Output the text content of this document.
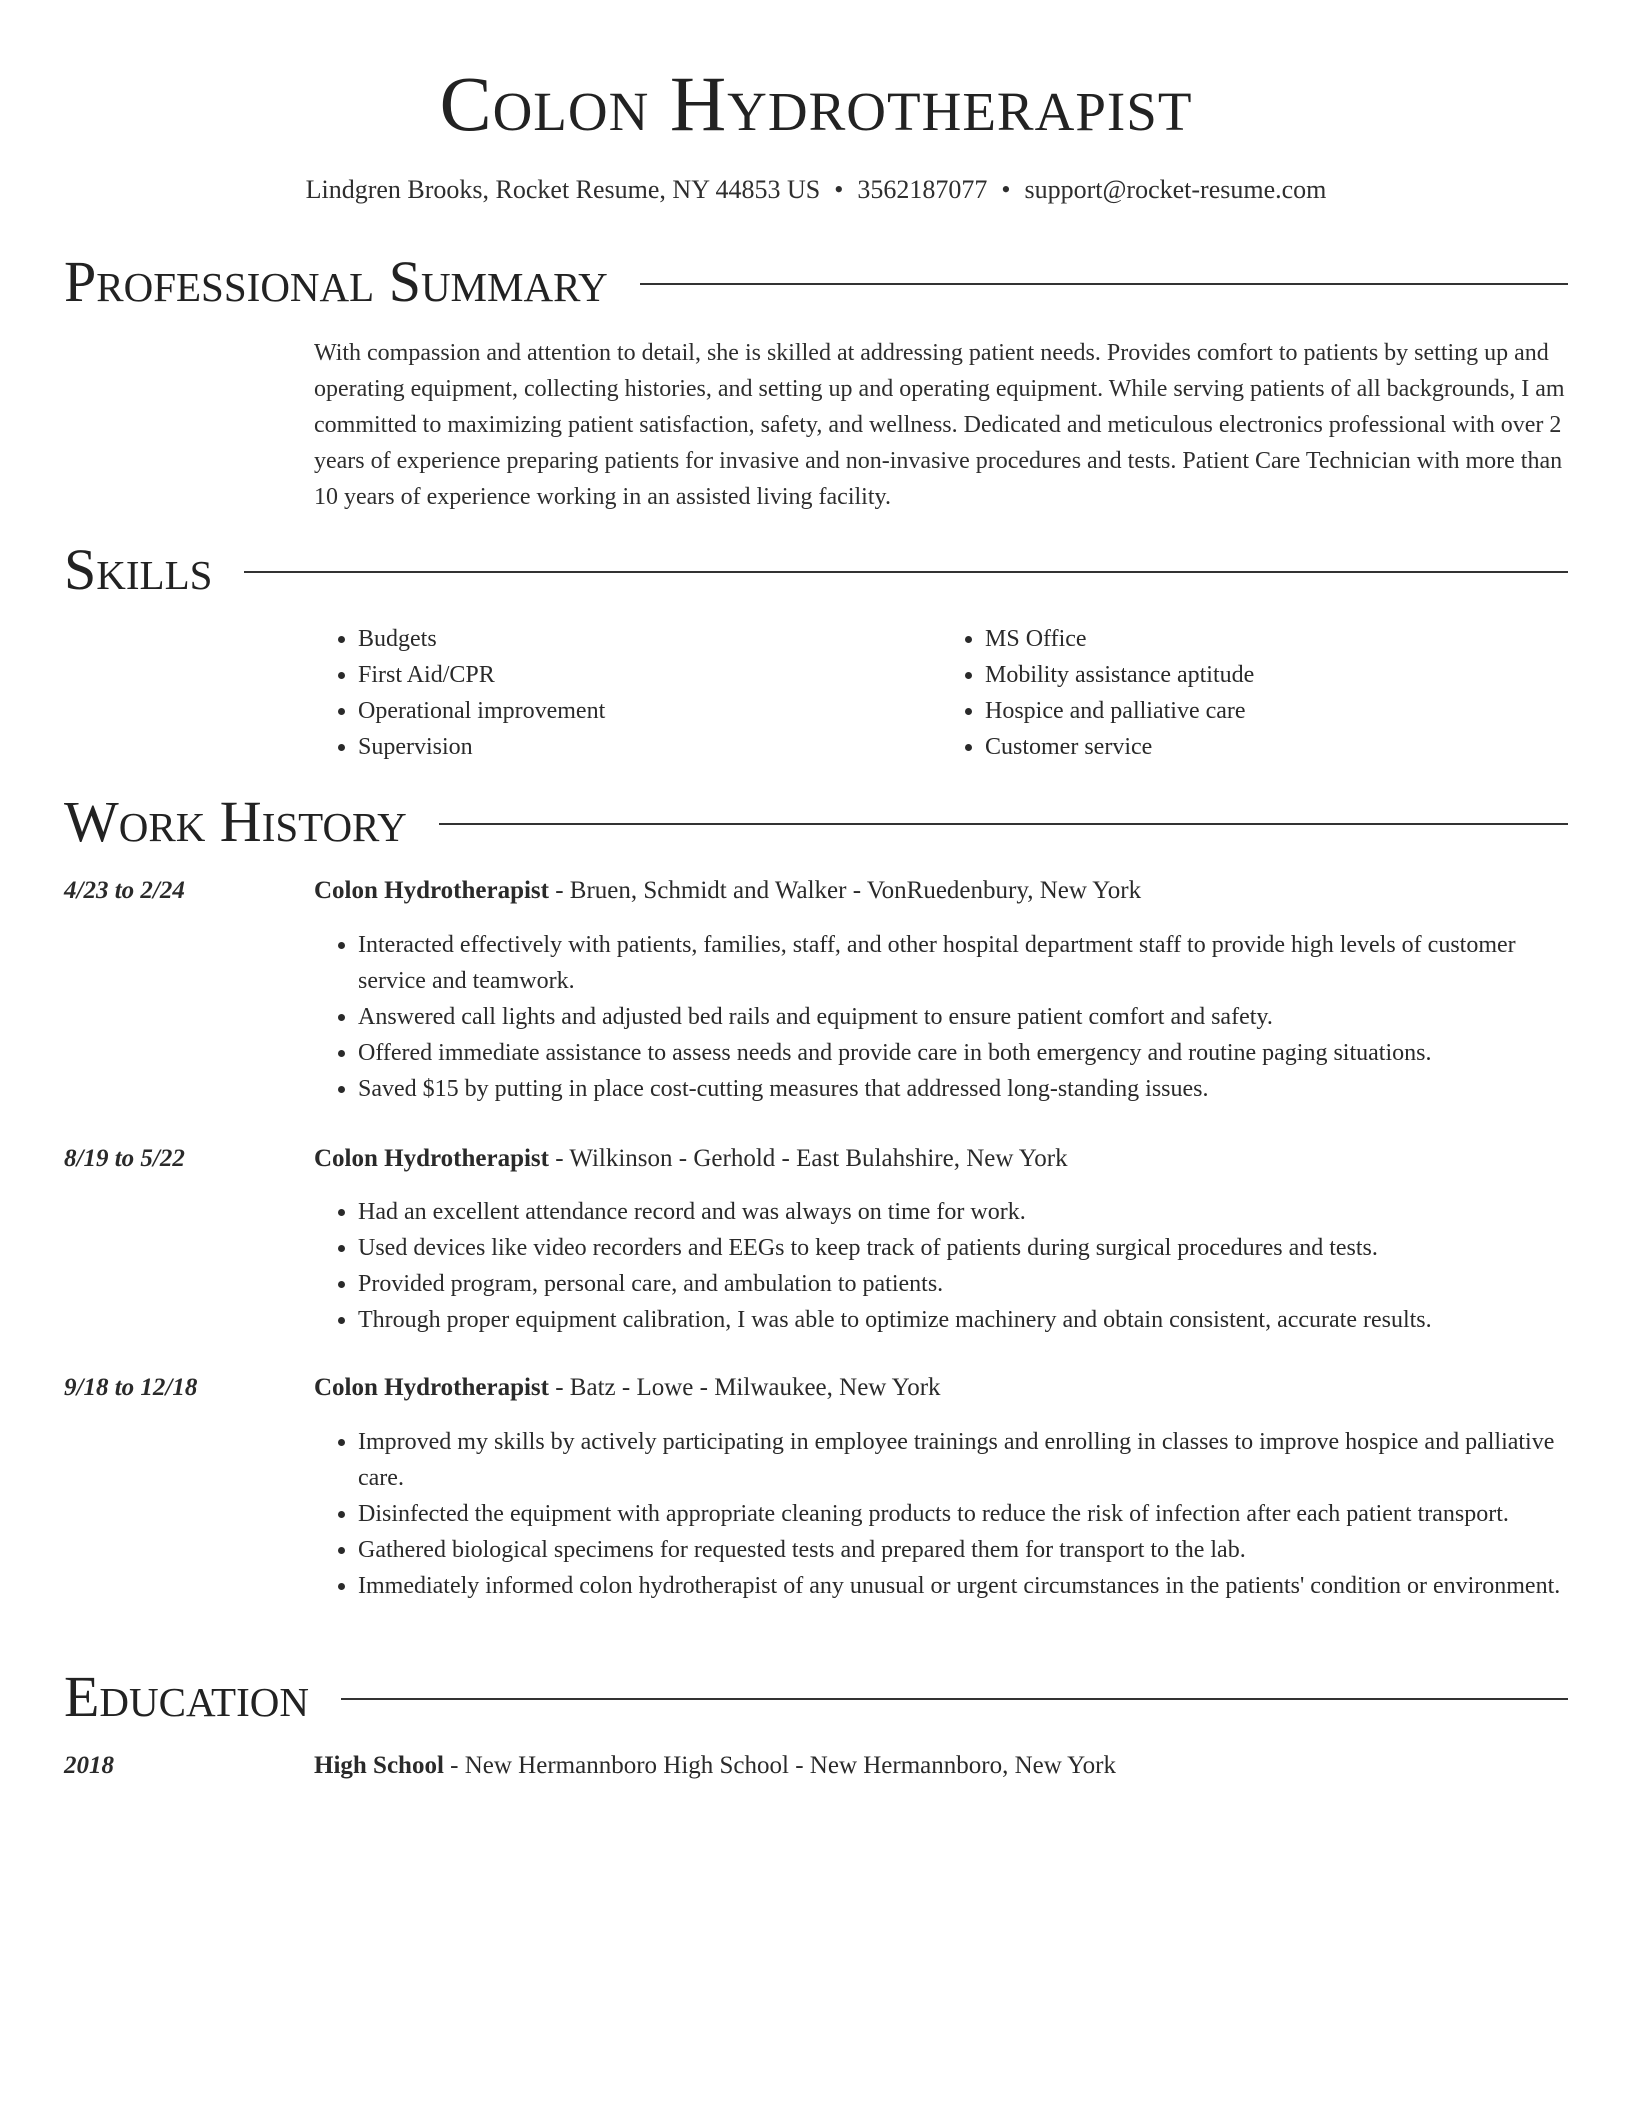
Colon Hydrotherapist
Lindgren Brooks, Rocket Resume, NY 44853 US • 3562187077 • support@rocket-resume.com
Professional Summary
With compassion and attention to detail, she is skilled at addressing patient needs. Provides comfort to patients by setting up and operating equipment, collecting histories, and setting up and operating equipment. While serving patients of all backgrounds, I am committed to maximizing patient satisfaction, safety, and wellness. Dedicated and meticulous electronics professional with over 2 years of experience preparing patients for invasive and non-invasive procedures and tests. Patient Care Technician with more than 10 years of experience working in an assisted living facility.
Skills
• Budgets
• First Aid/CPR
• Operational improvement
• Supervision
• MS Office
• Mobility assistance aptitude
• Hospice and palliative care
• Customer service
Work History
4/23 to 2/24	Colon Hydrotherapist - Bruen, Schmidt and Walker - VonRuedenbury, New York
• Interacted effectively with patients, families, staff, and other hospital department staff to provide high levels of customer service and teamwork.
• Answered call lights and adjusted bed rails and equipment to ensure patient comfort and safety.
• Offered immediate assistance to assess needs and provide care in both emergency and routine paging situations.
• Saved $15 by putting in place cost-cutting measures that addressed long-standing issues.
8/19 to 5/22	Colon Hydrotherapist - Wilkinson - Gerhold - East Bulahshire, New York
• Had an excellent attendance record and was always on time for work.
• Used devices like video recorders and EEGs to keep track of patients during surgical procedures and tests.
• Provided program, personal care, and ambulation to patients.
• Through proper equipment calibration, I was able to optimize machinery and obtain consistent, accurate results.
9/18 to 12/18	Colon Hydrotherapist - Batz - Lowe - Milwaukee, New York
• Improved my skills by actively participating in employee trainings and enrolling in classes to improve hospice and palliative care.
• Disinfected the equipment with appropriate cleaning products to reduce the risk of infection after each patient transport.
• Gathered biological specimens for requested tests and prepared them for transport to the lab.
• Immediately informed colon hydrotherapist of any unusual or urgent circumstances in the patients' condition or environment.
Education
2018	High School - New Hermannboro High School - New Hermannboro, New York
